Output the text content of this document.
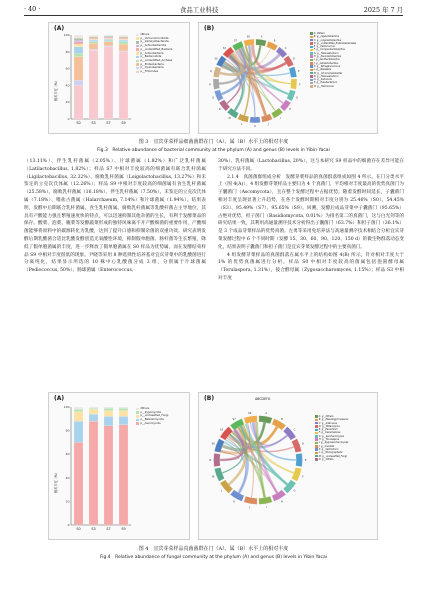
· 40 ·	食品工业科技	2025 年 7 月
(A)
相对丰度（%）
100
80
60
40
20
0
S0	S3	S7	S9
Others
p__Verrucomicrobiota
p__Campylobacterota
p__Actinobacteriota
p__unidentified_Bacteria
p__Actinobacteria
p__Bacteroidota
p__unidentified_Archaea
p__Proteobacteria
p__Cyanobacteria
p__Firmicutes
(B)
A
B
C
D
E
F
G
H
I
J
K
L
M
N
O
P
Q
S0
S3
S7
S9
A: Others
B: g__Ligilactobacillus
C: g__Loigolactobacillus
D: g__unidentified_Enterobacteriales
E: g__Pediococcus
F: g__Companilactobacillus
G: g__Halanaerobium
H: g__Paucilactobacillus
I: g__Lentilactobacillus
J: g__Latilactobacillus
K: g__Tetragenococcus
L: g__Weissella
M: g__Chromohalobacter
N: g__Halanaerobium
O: g__Salinicola
P: g__Halobacterium
Q: g__Halomonas
图 3　宜宾芽菜样品细菌菌群在门（A）、属（B）水平上的相对丰度
Fig.3　Relative abundance of bacterial community at the phylum (A) and genus (B) levels in Yibin Yacai

（13.11%）、伴生乳杆菌属（2.05%）、片球菌属（1.82%）和广泛乳杆菌属（Latilactobacillus, 1.82%）；样品 S7 中相对丰度较高的细菌属有联合乳杆菌属（Ligilactobacillus, 32.32%）、腐败乳杆菌属（Loigolactobacillus, 13.27%）和未鉴定的立克次氏体属（12.26%）；样品 S9 中相对丰度较高的细菌属有食生乳杆菌属（25.58%）、腐败乳杆菌属（16.18%）、伴生乳杆菌属（7.50%）、未鉴定的立克次氏体属（7.18%）、嗜盐古菌属（Halarchaeum, 7.14%）和片球菌属（1.94%）。结果表明，发酵中后期联合乳杆菌属、食生乳杆菌属、腐败乳杆菌属等乳酸杆菌占主导地位，其具有产酸能力强且繁殖速度快的特点，可以迅速抑制其他杂菌的生长，有利于发酵菜品的保存。酸菜、泡菜、腌菜等发酵蔬菜形成的独特风味离不开产酸细菌的重要作用，产酸细菌能够将原料中的碳源转化为乳酸，达到了提升口感和抑制杂菌的双重功效。研究表明发酵后期乳酸菌合适比乳酸发酵创造无氧酸性环境，抑制假单胞菌、肠杆菌等生长繁殖，降低了假单胞菌属的丰度，进一步释放了假单胞菌属在 S0 样品为优势属，而在发酵结束样品 S9 中相对丰度很低的现象。尹晓等采用 8 种选择性培养基对宜宾芽菜中的乳酸菌进行分离纯化，结果显示所选的 10 株中心乳酸菌分成 3 组，分别属于片球菌属（Pediococcus, 50%）、肠球菌属（Enterococcus,

30%）、乳杆菌属（Lactobacillus, 20%），这与本研究 S9 样品中的细菌存在差异可能在于研究方法不同。

2.1.4　真菌菌群组成分析　发酵芽菜样品的真菌群落组成如图 4 所示。在门分类水平上（图 4(A)），4 组发酵芽菜样品主要归为 4 个真菌门，平均相对丰度最高的优势真菌门为子囊菌门（Ascomycota），且在整个发酵过程中占据优势。随着发酵时间延长，子囊菌门相对丰度呈现显著上升趋势，在各个发酵时期相对丰度分别为 25.46%（S0）、54.45%（S3）、95.49%（S7）、95.65%（S9）。回溯，发酵后成品芽菜中子囊菌门（95.65%）占绝对优势，担子菌门（Basidiomycota, 0.01%）为排名第二的真菌门，这与白光剑等的研究结果一致，其利用高通量测序技术分析得出子囊菌门（63.7%）和担子菌门（36.1%）是 3 个成品芽菜样品的优势真菌。左勇等采用免培养法与高通量测序技术相结合分析宜宾芽菜发酵过程中 6 个不同时期（发酵 15、30、60、90、120、150 d）的微生物群落动态变化，结果表明子囊菌门和担子菌门是宜宾芽菜发酵过程中的主要真菌门。

4 组发酵芽菜样品的真菌群落在属水平上的结构如图 4(B) 所示，针对相对丰度大于 1% 的优势真菌属进行分析。样品 S0 中相对丰度较高的菌属包括孢圆酵母属（Torulaspora, 1.31%），接合酵母属（Zygosaccharomyces, 1.15%）；样品 S3 中相对丰度

(A)
相对丰度（%）
100
80
60
40
20
0
S0	S3	S7	S9
Others
p__Zygomycota
p__unclassified_Fungi
p__Basidiomycota
p__Ascomycota
(B)	ABCDEFG
A
B
C
D
E
F
G
H
I
J
K
L
M
N
S0
S3
S7
S9
A: g__Others
B: g__Pseudogymnoascus
C: g__Alternaria
D: g__Millerozyma
E: g__Penicillium
F: g__Kazachstania
G: g__Saccharomyces
H: g__Torulaspora
I: g__Zygosaccharomyces
J: g__Candida
K: g__Verticillium
L: g__Monographella
M: g__unclassified_Fungi
N: g__Others
图 4　宜宾芽菜样品真菌菌群在门（A）、属（B）水平上的相对丰度
Fig.4　Relative abundance of fungal community at the phylum (A) and genus (B) levels in Yibin Yacai
